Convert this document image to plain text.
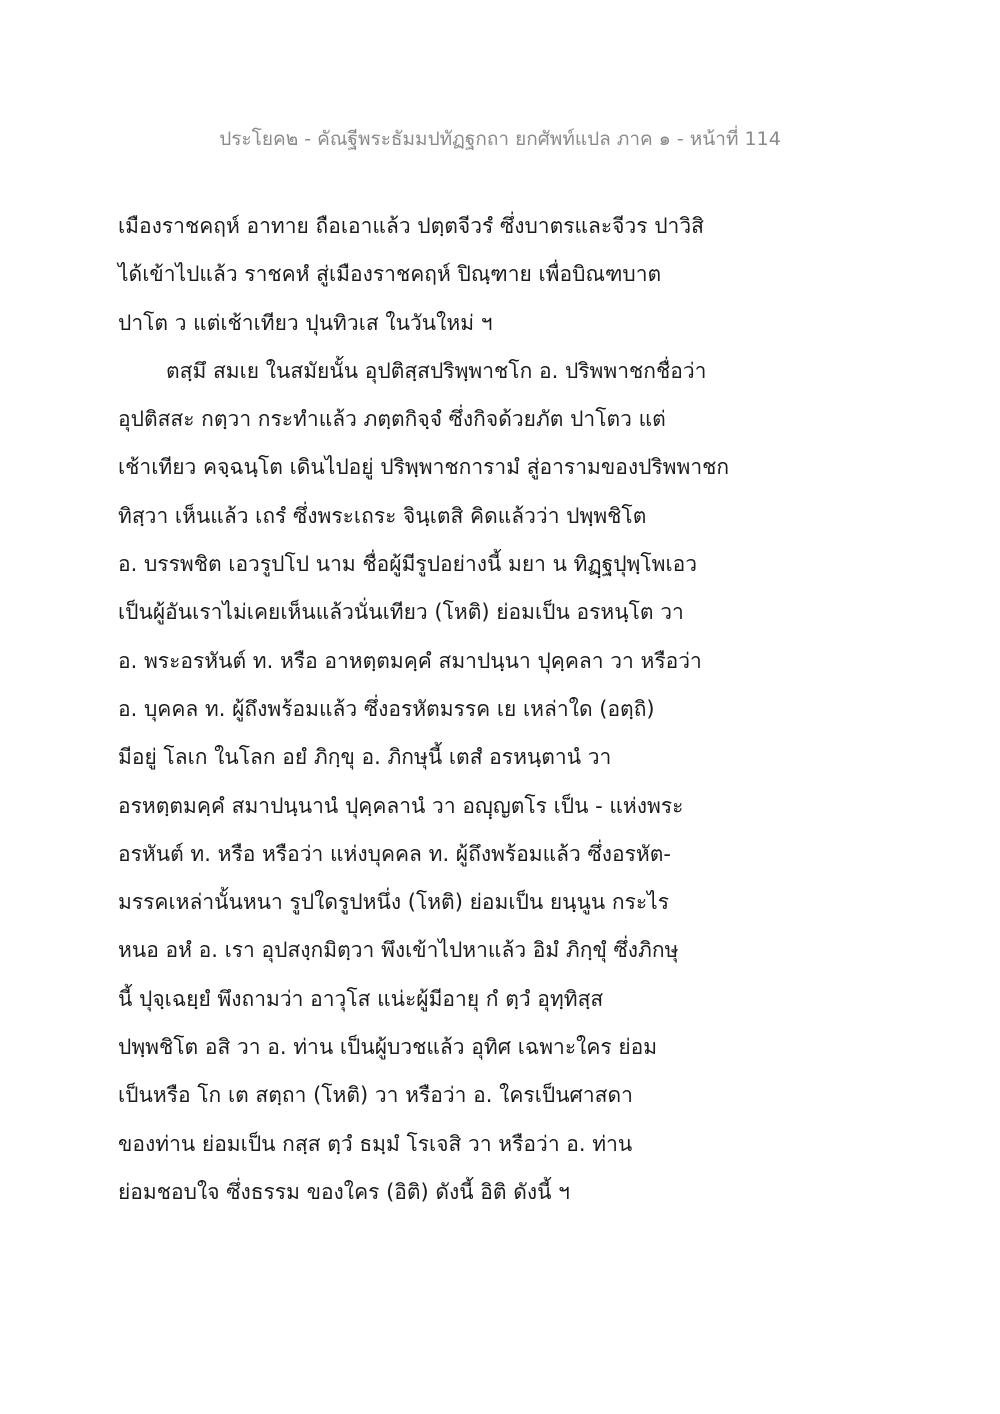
ประโยค๒ - คัณฐีพระธัมมปทัฏฐกถา ยกศัพท์แปล ภาค ๑ - หน้าที่ 114
เมืองราชคฤห์ อาทาย ถือเอาแล้ว ปตฺตจีวรํ ซึ่งบาตรและจีวร ปาวิสิ
ได้เข้าไปแล้ว ราชคหํ สู่เมืองราชคฤห์ ปิณฺฑาย เพื่อบิณฑบาต
ปาโต ว แต่เช้าเทียว ปุนทิวเส ในวันใหม่ ฯ
ตสฺมึ สมเย ในสมัยนั้น อุปติสฺสปริพฺพาชโก อ. ปริพพาชกชื่อว่า
อุปติสสะ กตฺวา กระทำแล้ว ภตฺตกิจฺจํ ซึ่งกิจด้วยภัต ปาโตว แต่
เช้าเทียว คจฺฉนฺโต เดินไปอยู่ ปริพฺพาชการามํ สู่อารามของปริพพาชก
ทิสฺวา เห็นแล้ว เถรํ ซึ่งพระเถระ จินฺเตสิ คิดแล้วว่า ปพฺพชิโต
อ. บรรพชิต เอวรูปโป นาม ชื่อผู้มีรูปอย่างนี้ มยา น ทิฏฺฐปุพฺโพเอว
เป็นผู้อันเราไม่เคยเห็นแล้วนั่นเทียว (โหติ) ย่อมเป็น อรหนฺโต วา
อ. พระอรหันต์ ท. หรือ อาหตฺตมคฺคํ สมาปนฺนา ปุคฺคลา วา หรือว่า
อ. บุคคล ท. ผู้ถึงพร้อมแล้ว ซึ่งอรหัตมรรค เย เหล่าใด (อตฺถิ)
มีอยู่ โลเก ในโลก อยํ ภิกฺขุ อ. ภิกษุนี้ เตสํ อรหนฺตานํ วา
อรหตฺตมคฺคํ สมาปนฺนานํ ปุคฺคลานํ วา อญฺฺญตโร เป็น - แห่งพระ
อรหันต์ ท. หรือ หรือว่า แห่งบุคคล ท. ผู้ถึงพร้อมแล้ว ซึ่งอรหัต-
มรรคเหล่านั้นหนา รูปใดรูปหนึ่ง (โหติ) ย่อมเป็น ยนฺนูน กระไร
หนอ อหํ อ. เรา อุปสงฺกมิตฺวา พึงเข้าไปหาแล้ว อิมํ ภิกฺขุํ ซึ่งภิกษุ
นี้ ปุจฺเฉยฺยํ พึงถามว่า อาวุโส แน่ะผู้มีอายุ กํ ตฺวํ อุทฺทิสฺส
ปพฺพชิโต อสิ วา อ. ท่าน เป็นผู้บวชแล้ว อุทิศ เฉพาะใคร ย่อม
เป็นหรือ โก เต สตฺถา (โหติ) วา หรือว่า อ. ใครเป็นศาสดา
ของท่าน ย่อมเป็น กสฺส ตฺวํ ธมฺมํ โรเจสิ วา หรือว่า อ. ท่าน
ย่อมชอบใจ ซึ่งธรรม ของใคร (อิติ) ดังนี้ อิติ ดังนี้ ฯ
